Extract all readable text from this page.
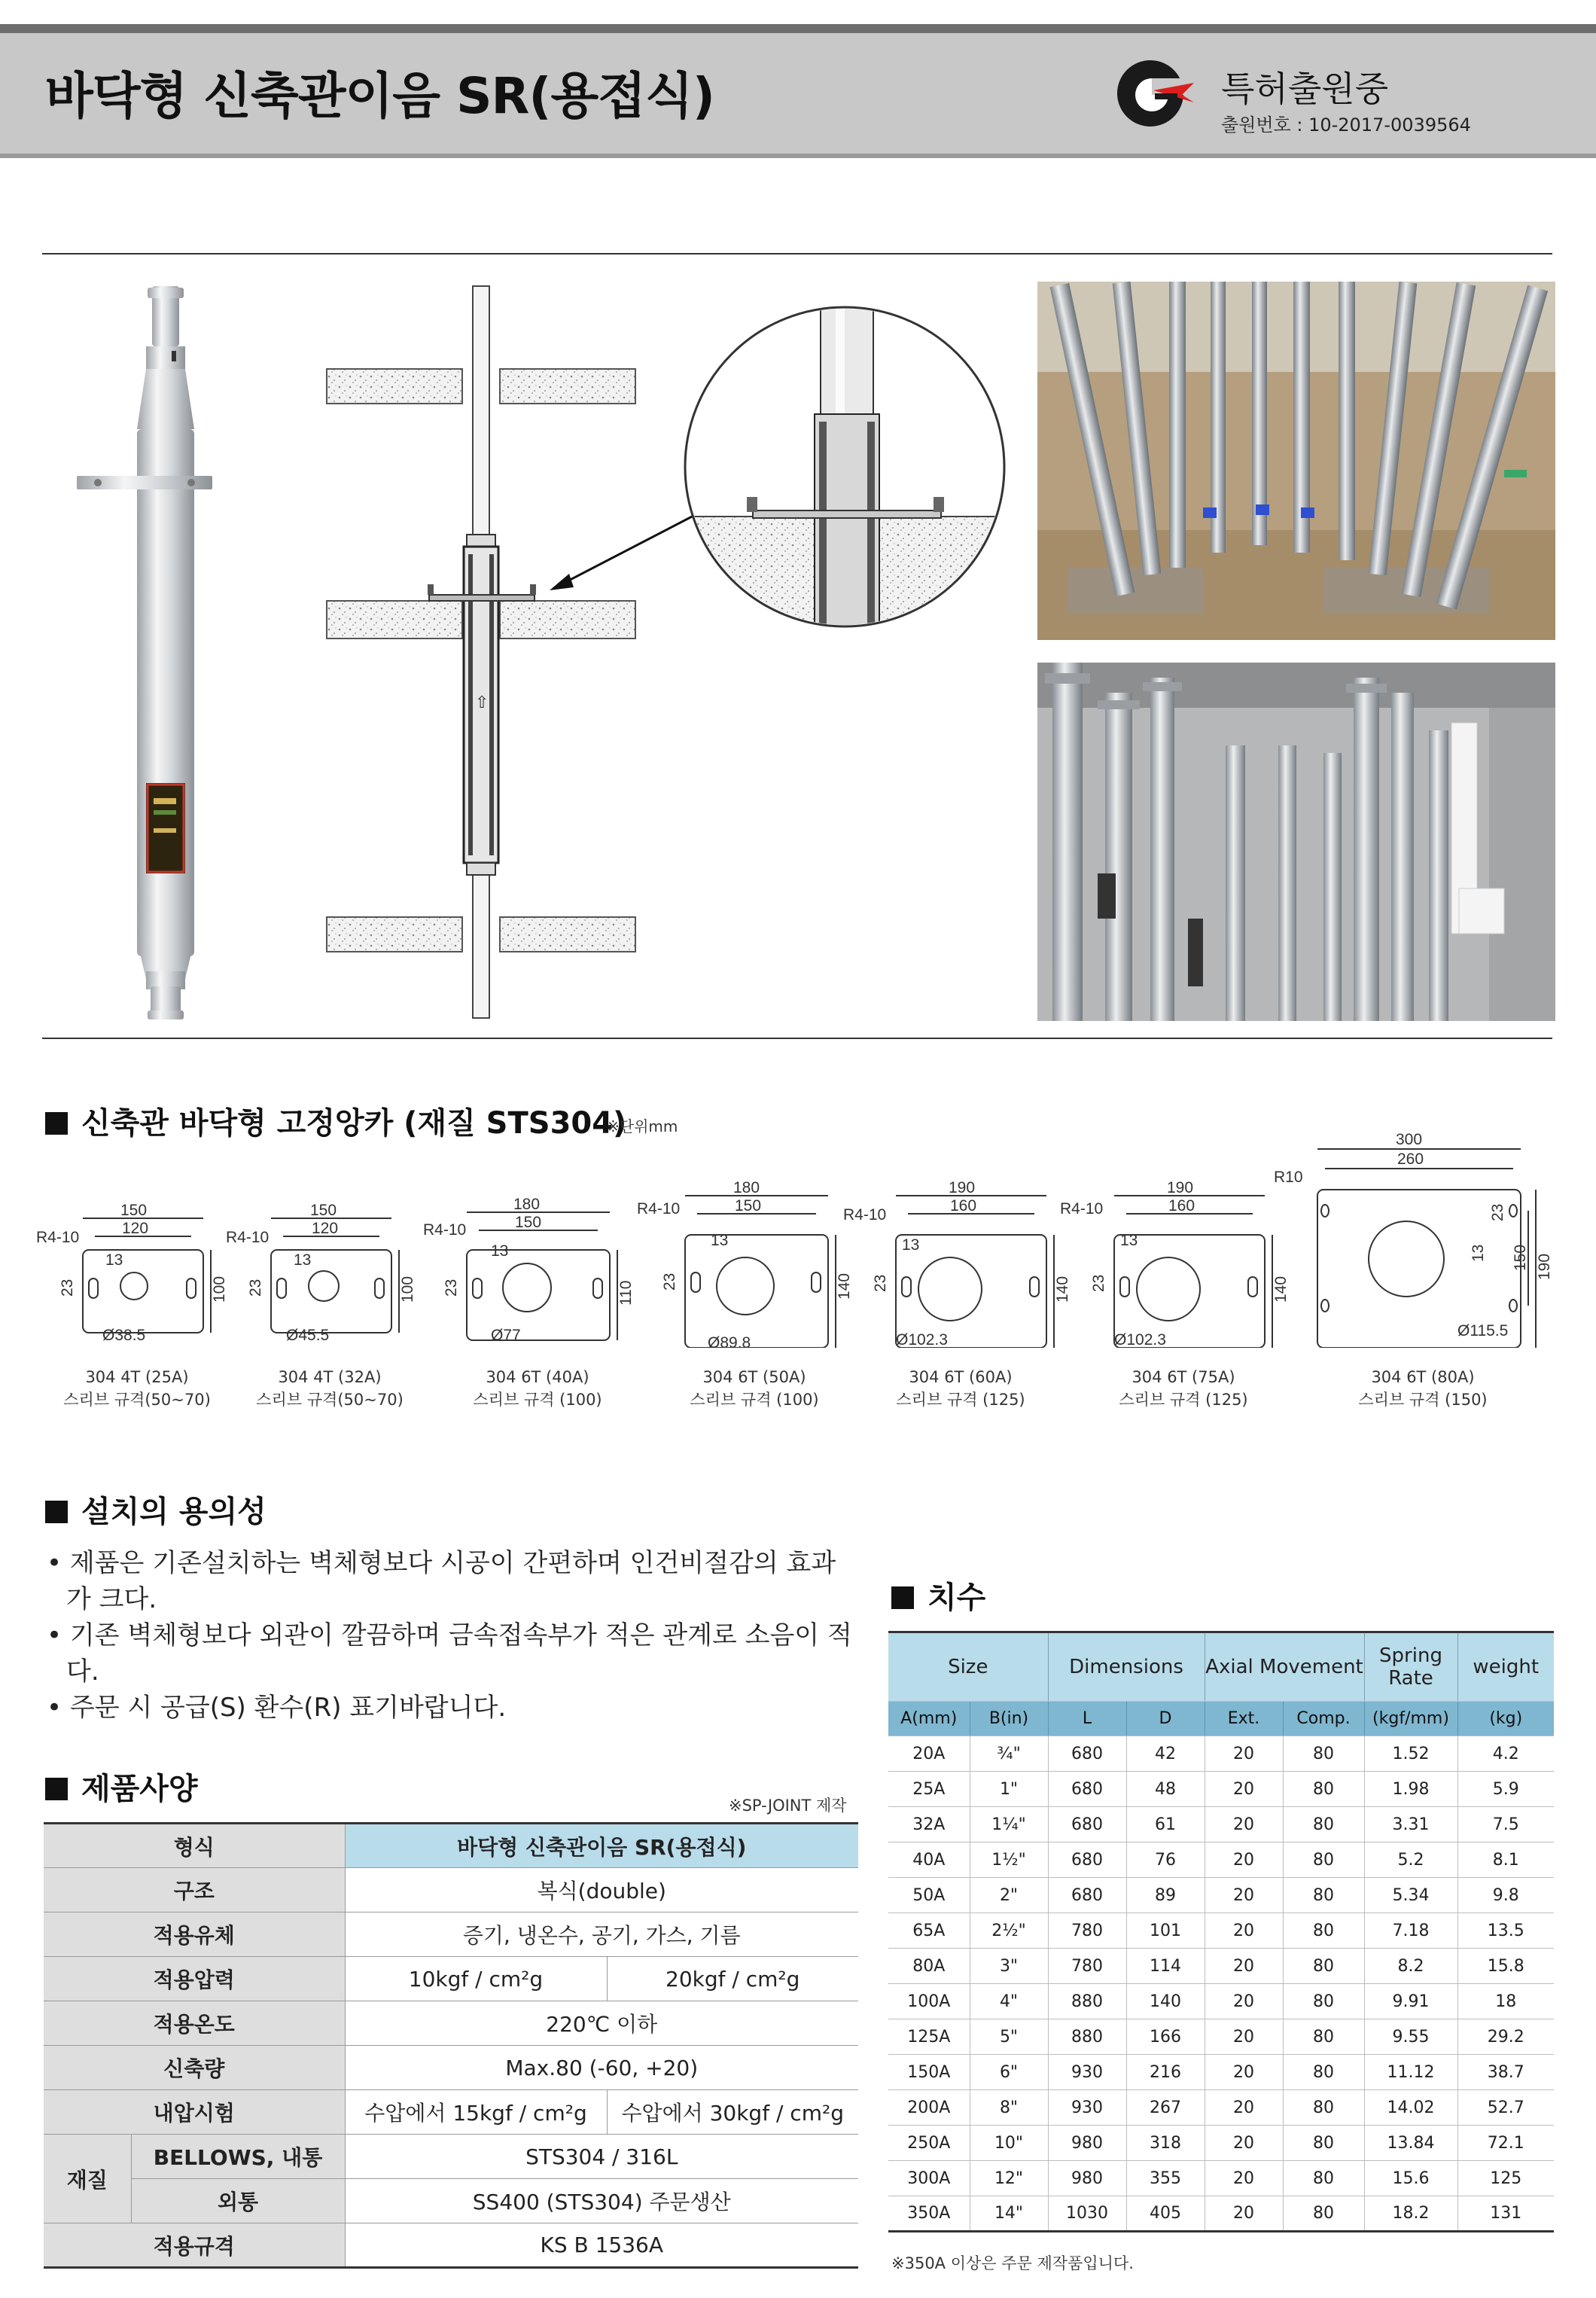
바닥형 신축관이음 SR(용접식)	특허출원중
출원번호 : 10-2017-0039564
⇧
신축관 바닥형 고정앙카 (재질 STS304)
※단위mm
150
120
R4-10
13
23	100
Ø38.5
150
120
R4-10
13
23	100
Ø45.5
180
150
R4-10
13
23	110
Ø77
180
150
R4-10
13
23	140
Ø89.8
190
160
R4-10
13
23	140
Ø102.3
190
160
R4-10
13
23	140
Ø102.3
300
260
R10
13
23
150 190
Ø115.5
304 4T (25A)
스리브 규격(50~70)
304 4T (32A)
스리브 규격(50~70)
304 6T (40A)
스리브 규격 (100)
304 6T (50A)
스리브 규격 (100)
304 6T (60A)
스리브 규격 (125)
304 6T (75A)
스리브 규격 (125)
304 6T (80A)
스리브 규격 (150)
설치의 용의성
• 제품은 기존설치하는 벽체형보다 시공이 간편하며 인건비절감의 효과가 크다.
• 기존 벽체형보다 외관이 깔끔하며 금속접속부가 적은 관계로 소음이 적다.
• 주문 시 공급(S) 환수(R) 표기바랍니다.
제품사양	※SP-JOINT 제작
형식		바닥형 신축관이음 SR(용접식)	
구조		복식(double)	
적용유체		증기, 냉온수, 공기, 가스, 기름	
적용압력		10kgf / cm²g	20kgf / cm²g
적용온도		220℃ 이하	
신축량		Max.80 (-60, +20)	
내압시험		수압에서 15kgf / cm²g	수압에서 30kgf / cm²g
재질	BELLOWS, 내통	STS304 / 316L	
	외통	SS400 (STS304) 주문생산	
적용규격		KS B 1536A	
치수
Size		Dimensions		Axial Movement		Spring Rate	weight
A(mm)	B(in)	L	D	Ext.	Comp.	(kgf/mm)	(kg)
20A	¾"	680	42	20	80	1.52	4.2
25A	1"	680	48	20	80	1.98	5.9
32A	1¼"	680	61	20	80	3.31	7.5
40A	1½"	680	76	20	80	5.2	8.1
50A	2"	680	89	20	80	5.34	9.8
65A	2½"	780	101	20	80	7.18	13.5
80A	3"	780	114	20	80	8.2	15.8
100A	4"	880	140	20	80	9.91	18
125A	5"	880	166	20	80	9.55	29.2
150A	6"	930	216	20	80	11.12	38.7
200A	8"	930	267	20	80	14.02	52.7
250A	10"	980	318	20	80	13.84	72.1
300A	12"	980	355	20	80	15.6	125
350A	14"	1030	405	20	80	18.2	131
※350A 이상은 주문 제작품입니다.
